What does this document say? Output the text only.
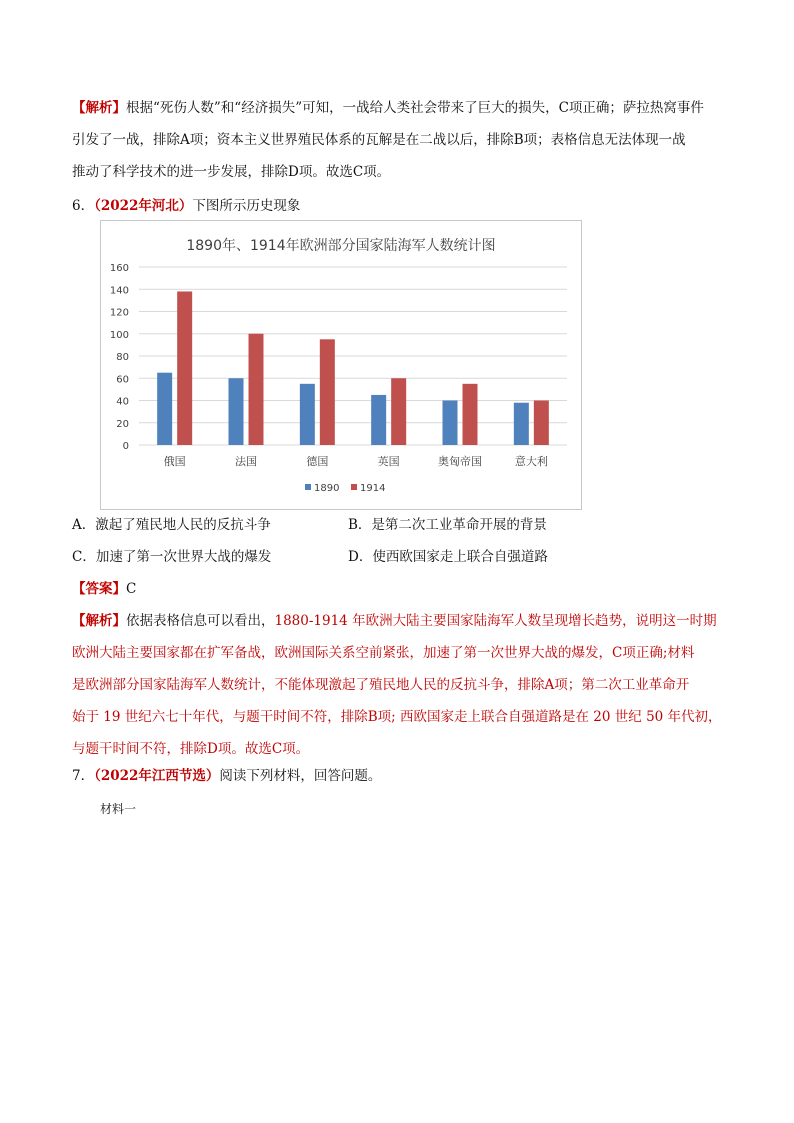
【解析】根据“死伤人数”和“经济损失”可知，一战给人类社会带来了巨大的损失，C项正确；萨拉热窝事件
引发了一战，排除A项；资本主义世界殖民体系的瓦解是在二战以后，排除B项；表格信息无法体现一战
推动了科学技术的进一步发展，排除D项。故选C项。
6．（2022年河北）下图所示历史现象
1890年、1914年欧洲部分国家陆海军人数统计图
0
20
40
60
80
100
120
140
160
俄国	法国	德国	英国	奥匈帝国	意大利
1890 1914
A．激起了殖民地人民的反抗斗争	B．是第二次工业革命开展的背景
C．加速了第一次世界大战的爆发	D．使西欧国家走上联合自强道路
【答案】C
【解析】依据表格信息可以看出，1880-1914 年欧洲大陆主要国家陆海军人数呈现增长趋势，说明这一时期
欧洲大陆主要国家都在扩军备战，欧洲国际关系空前紧张，加速了第一次世界大战的爆发，C项正确;材料
是欧洲部分国家陆海军人数统计，不能体现激起了殖民地人民的反抗斗争，排除A项；第二次工业革命开
始于 19 世纪六七十年代，与题干时间不符，排除B项; 西欧国家走上联合自强道路是在 20 世纪 50 年代初，
与题干时间不符，排除D项。故选C项。
7．（2022年江西节选）阅读下列材料，回答问题。
材料一
